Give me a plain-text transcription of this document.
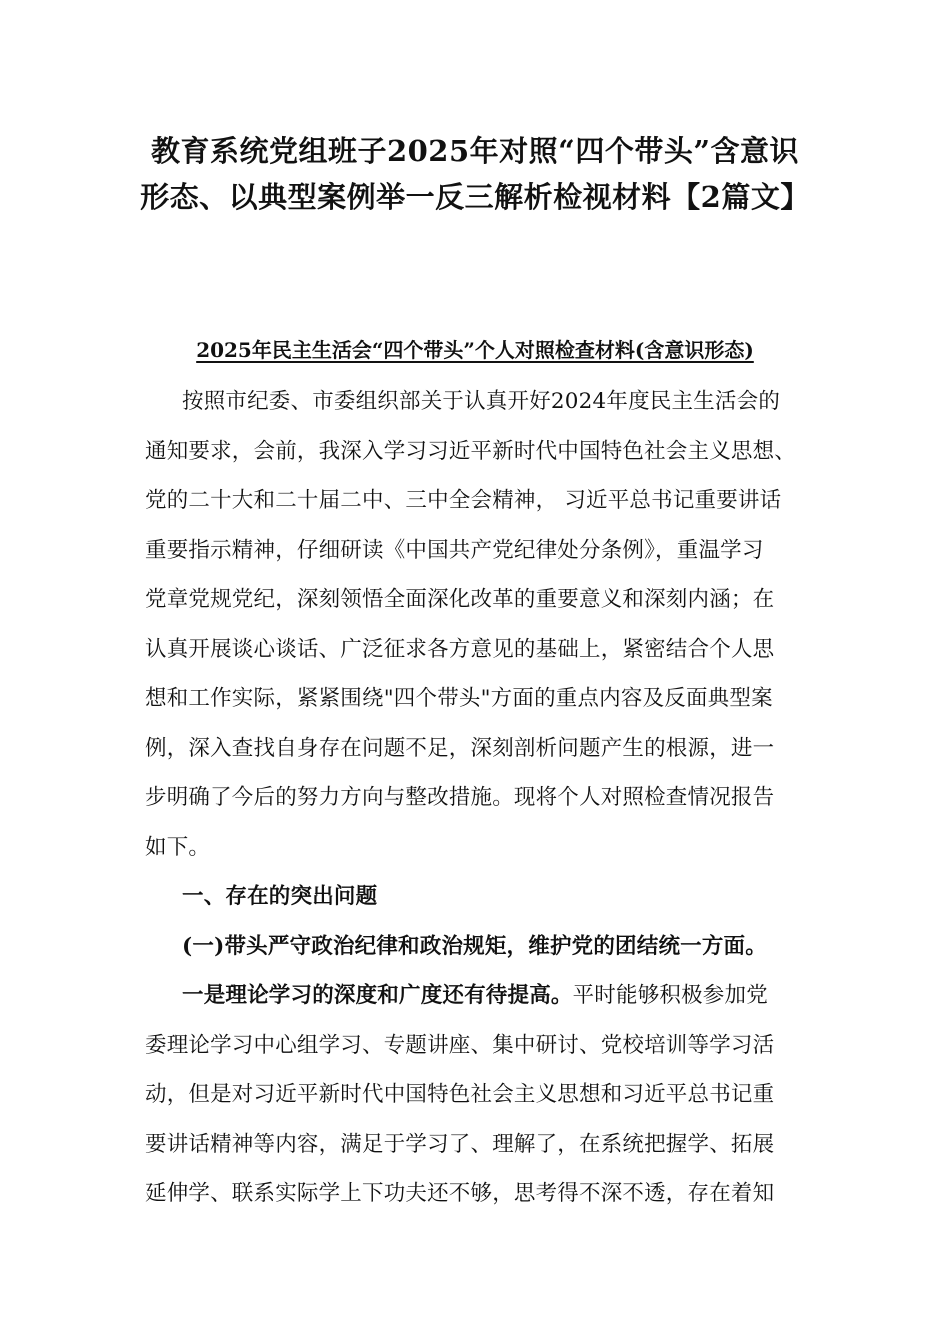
教育系统党组班子2025年对照“四个带头”含意识
形态、以典型案例举一反三解析检视材料【2篇文】
2025年民主生活会“四个带头”个人对照检查材料(含意识形态)
按照市纪委、市委组织部关于认真开好2024年度民主生活会的
通知要求，会前，我深入学习习近平新时代中国特色社会主义思想、
党的二十大和二十届二中、三中全会精神， 习近平总书记重要讲话
重要指示精神，仔细研读《中国共产党纪律处分条例》，重温学习
党章党规党纪，深刻领悟全面深化改革的重要意义和深刻内涵；在
认真开展谈心谈话、广泛征求各方意见的基础上，紧密结合个人思
想和工作实际，紧紧围绕"四个带头"方面的重点内容及反面典型案
例，深入查找自身存在问题不足，深刻剖析问题产生的根源，进一
步明确了今后的努力方向与整改措施。现将个人对照检查情况报告
如下。
一、存在的突出问题
(一)带头严守政治纪律和政治规矩，维护党的团结统一方面。
一是理论学习的深度和广度还有待提高。平时能够积极参加党
委理论学习中心组学习、专题讲座、集中研讨、党校培训等学习活
动，但是对习近平新时代中国特色社会主义思想和习近平总书记重
要讲话精神等内容，满足于学习了、理解了，在系统把握学、拓展
延伸学、联系实际学上下功夫还不够，思考得不深不透，存在着知
